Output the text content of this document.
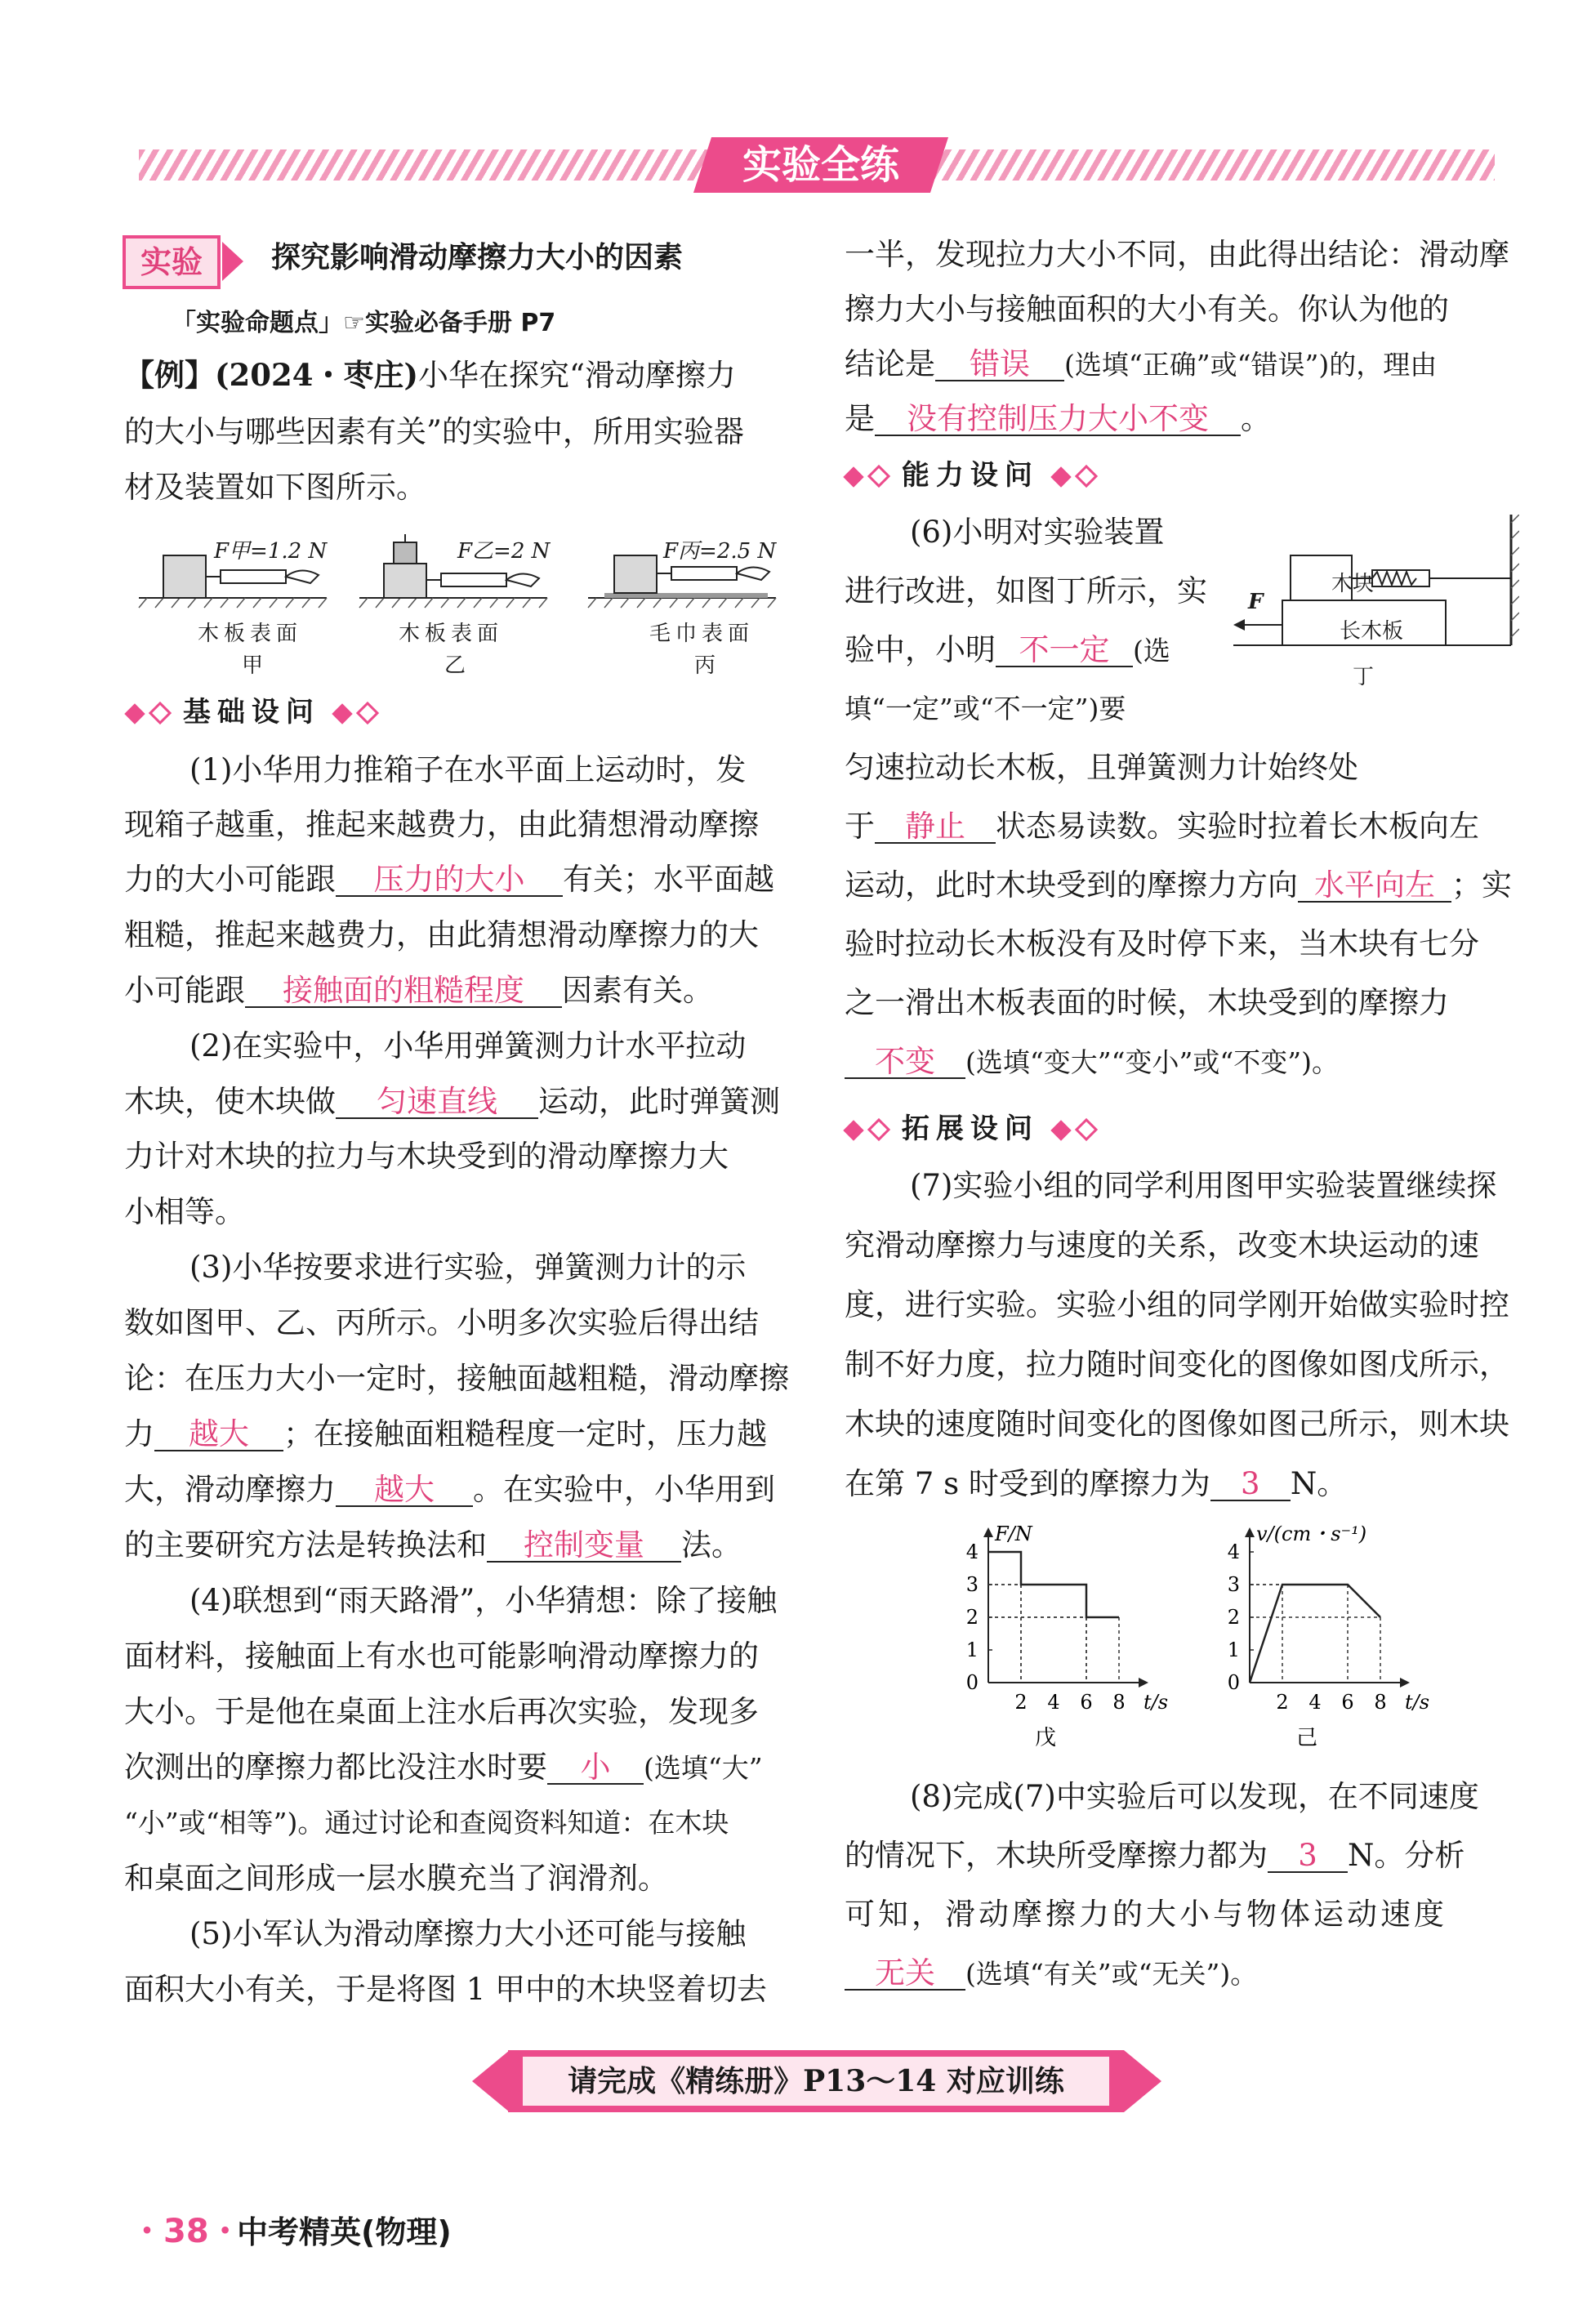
实验全练
实验	探究影响滑动摩擦力大小的因素
「实验命题点」☞实验必备手册 P7
【例】(2024・枣庄)小华在探究“滑动摩擦力
的大小与哪些因素有关”的实验中，所用实验器
材及装置如下图所示。
F甲=1.2 N	F乙=2 N	F丙=2.5 N
木板表面	木板表面	毛巾表面
甲	乙	丙
基础设问
(1)小华用力推箱子在水平面上运动时，发
现箱子越重，推起来越费力，由此猜想滑动摩擦
力的大小可能跟 压力的大小 有关；水平面越
粗糙，推起来越费力，由此猜想滑动摩擦力的大
小可能跟 接触面的粗糙程度 因素有关。
(2)在实验中，小华用弹簧测力计水平拉动
木块，使木块做 匀速直线 运动，此时弹簧测
力计对木块的拉力与木块受到的滑动摩擦力大
小相等。
(3)小华按要求进行实验，弹簧测力计的示
数如图甲、乙、丙所示。小明多次实验后得出结
论：在压力大小一定时，接触面越粗糙，滑动摩擦
力 越大 ；在接触面粗糙程度一定时，压力越
大，滑动摩擦力 越大 。在实验中，小华用到
的主要研究方法是转换法和 控制变量 法。
(4)联想到“雨天路滑”，小华猜想：除了接触
面材料，接触面上有水也可能影响滑动摩擦力的
大小。于是他在桌面上注水后再次实验，发现多
次测出的摩擦力都比没注水时要 小 (选填“大”
“小”或“相等”)。通过讨论和查阅资料知道：在木块
和桌面之间形成一层水膜充当了润滑剂。
(5)小军认为滑动摩擦力大小还可能与接触
面积大小有关，于是将图 1 甲中的木块竖着切去
一半，发现拉力大小不同，由此得出结论：滑动摩
擦力大小与接触面积的大小有关。你认为他的
结论是 错误 (选填“正确”或“错误”)的，理由
是 没有控制压力大小不变 。
能力设问
(6)小明对实验装置
进行改进，如图丁所示，实
验中，小明 不一定 (选
填“一定”或“不一定”)要
匀速拉动长木板，且弹簧测力计始终处
于 静止 状态易读数。实验时拉着长木板向左
运动，此时木块受到的摩擦力方向 水平向左 ；实
验时拉动长木板没有及时停下来，当木块有七分
之一滑出木板表面的时候，木块受到的摩擦力
不变 (选填“变大”“变小”或“不变”)。
木块
长木板
F
丁
拓展设问
(7)实验小组的同学利用图甲实验装置继续探
究滑动摩擦力与速度的关系，改变木块运动的速
度，进行实验。实验小组的同学刚开始做实验时控
制不好力度，拉力随时间变化的图像如图戊所示，
木块的速度随时间变化的图像如图己所示，则木块
在第 7 s 时受到的摩擦力为 3 N。
0
1
2
3
4
2 4 6 8
F/N
t/s
戊
0
1
2
3
4
2 4 6 8
v/(cm・s⁻¹)
t/s
己
(8)完成(7)中实验后可以发现，在不同速度
的情况下，木块所受摩擦力都为 3 N。分析
可知，滑动摩擦力的大小与物体运动速度
无关 (选填“有关”或“无关”)。
请完成《精练册》P13～14 对应训练
・38・
中考精英(物理)
